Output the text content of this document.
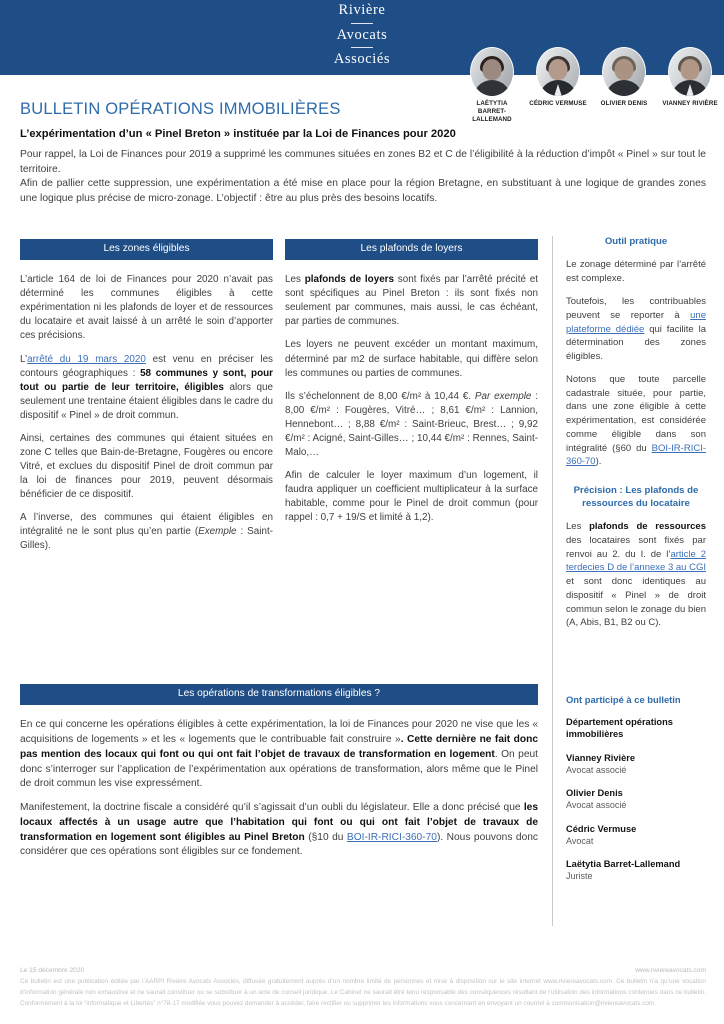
Rivière
Avocats
Associés
LAËTYTIA
BARRET-LALLEMAND
CÉDRIC VERMUSE	OLIVIER DENIS	VIANNEY RIVIÈRE
BULLETIN OPÉRATIONS IMMOBILIÈRES
L’expérimentation d’un « Pinel Breton » instituée par la Loi de Finances pour 2020

Pour rappel, la Loi de Finances pour 2019 a supprimé les communes situées en zones B2 et C de l’éligibilité à la réduction d’impôt « Pinel » sur tout le territoire.

Afin de pallier cette suppression, une expérimentation a été mise en place pour la région Bretagne, en substituant à une logique de grandes zones une logique plus précise de micro-zonage. L’objectif : être au plus près des besoins locatifs.

Les zones éligibles

L’article 164 de loi de Finances pour 2020 n’avait pas déterminé les communes éligibles à cette expérimentation ni les plafonds de loyer et de ressources du locataire et avait laissé à un arrêté le soin d’apporter ces précisions.

L’arrêté du 19 mars 2020 est venu en préciser les contours géographiques : 58 communes y sont, pour tout ou partie de leur territoire, éligibles alors que seulement une trentaine étaient éligibles dans le cadre du dispositif « Pinel » de droit commun.

Ainsi, certaines des communes qui étaient situées en zone C telles que Bain-de-Bretagne, Fougères ou encore Vitré, et exclues du dispositif Pinel de droit commun par la loi de finances pour 2019, peuvent désormais bénéficier de ce dispositif.

A l’inverse, des communes qui étaient éligibles en intégralité ne le sont plus qu’en partie (Exemple : Saint-Gilles).

Les plafonds de loyers

Les plafonds de loyers sont fixés par l’arrêté précité et sont spécifiques au Pinel Breton : ils sont fixés non seulement par communes, mais aussi, le cas échéant, par parties de communes.

Les loyers ne peuvent excéder un montant maximum, déterminé par m2 de surface habitable, qui diffère selon les communes ou parties de communes.

Ils s’échelonnent de 8,00 €/m² à 10,44 €. Par exemple : 8,00 €/m² : Fougères, Vitré… ; 8,61 €/m² : Lannion, Hennebont… ; 8,88 €/m² : Saint-Brieuc, Brest… ; 9,92 €/m² : Acigné, Saint-Gilles… ; 10,44 €/m² : Rennes, Saint-Malo,…

Afin de calculer le loyer maximum d’un logement, il faudra appliquer un coefficient multiplicateur à la surface habitable, comme pour le Pinel de droit commun (pour rappel : 0,7 + 19/S et limité à 1,2).

Outil pratique

Le zonage déterminé par l’arrêté est complexe.

Toutefois, les contribuables peuvent se reporter à une plateforme dédiée qui facilite la détermination des zones éligibles.

Notons que toute parcelle cadastrale située, pour partie, dans une zone éligible à cette expérimentation, est considérée comme éligible dans son intégralité (§60 du BOI-IR-RICI-360-70).

Précision : Les plafonds de
ressources du locataire

Les plafonds de ressources des locataires sont fixés par renvoi au 2. du I. de l’article 2 terdecies D de l’annexe 3 au CGI et sont donc identiques au dispositif « Pinel » de droit commun selon le zonage du bien (A, Abis, B1, B2 ou C).

Les opérations de transformations éligibles ?

En ce qui concerne les opérations éligibles à cette expérimentation, la loi de Finances pour 2020 ne vise que les « acquisitions de logements » et les « logements que le contribuable fait construire ». Cette dernière ne fait donc pas mention des locaux qui font ou qui ont fait l’objet de travaux de transformation en logement. On peut donc s’interroger sur l’application de l’expérimentation aux opérations de transformation, alors même que le Pinel de droit commun les vise expressément.

Manifestement, la doctrine fiscale a considéré qu’il s’agissait d’un oubli du législateur. Elle a donc précisé que les locaux affectés à un usage autre que l’habitation qui font ou qui ont fait l’objet de travaux de transformation en logement sont éligibles au Pinel Breton (§10 du BOI-IR-RICI-360-70). Nous pouvons donc considérer que ces opérations sont éligibles sur ce fondement.

Ont participé à ce bulletin
Département opérations immobilières
Vianney Rivière
Avocat associé
Olivier Denis
Avocat associé
Cédric Vermuse
Avocat
Laëtytia Barret-Lallemand
Juriste
Le 15 décembre 2020	www.riviereavocats.com
Ce bulletin est une publication éditée par l’AARPI Rivière Avocats Associés, diffusée gratuitement auprès d’un nombre limité de personnes et mise à disposition sur le site internet www.riviereavocats.com. Ce bulletin n’a qu’une vocation d’information générale non exhaustive et ne saurait constituer ou se substituer à un acte de conseil juridique. Le Cabinet ne saurait être tenu responsable des conséquences résultant de l’utilisation des informations contenues dans ce bulletin. Conformément à la loi “informatique et Libertés” n°78-17 modifiée vous pouvez demander à accéder, faire rectifier ou supprimer les informations vous concernant en envoyant un courriel à communication@riviereavocats.com.
